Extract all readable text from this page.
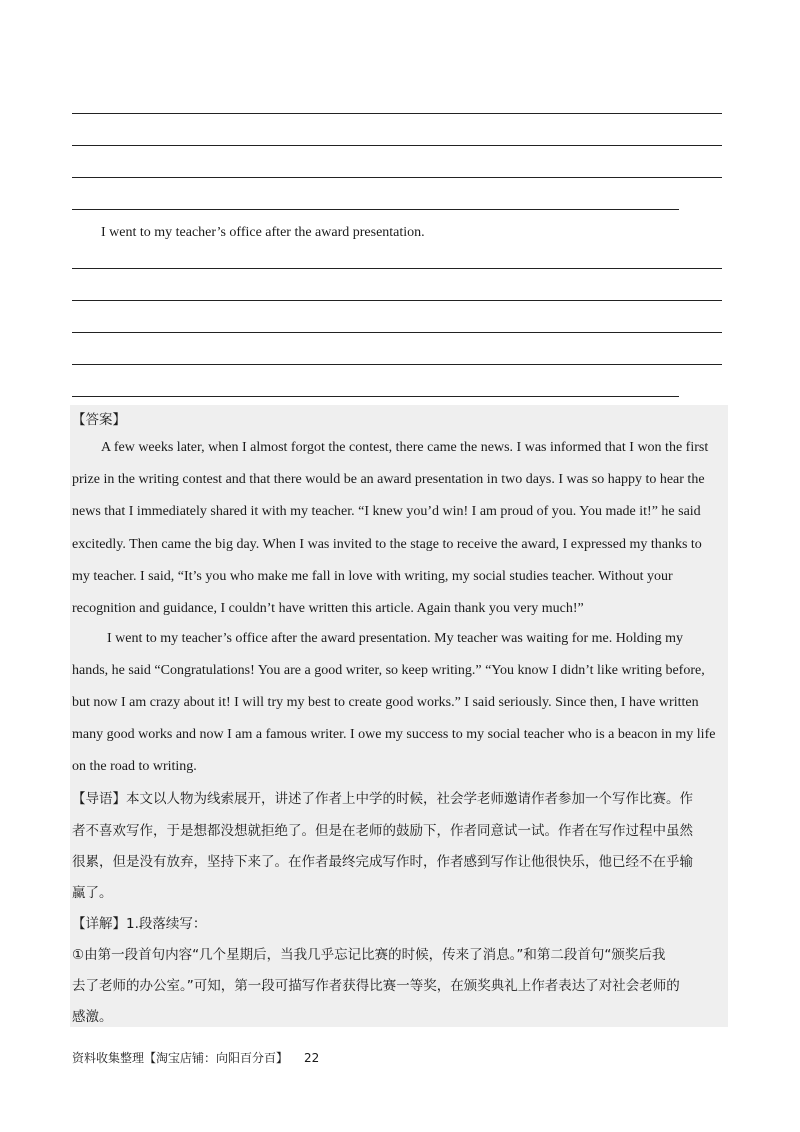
I went to my teacher’s office after the award presentation.
【答案】
A few weeks later, when I almost forgot the contest, there came the news. I was informed that I won the first
prize in the writing contest and that there would be an award presentation in two days. I was so happy to hear the
news that I immediately shared it with my teacher. “I knew you’d win! I am proud of you. You made it!” he said
excitedly. Then came the big day. When I was invited to the stage to receive the award, I expressed my thanks to
my teacher. I said, “It’s you who make me fall in love with writing, my social studies teacher. Without your
recognition and guidance, I couldn’t have written this article. Again thank you very much!”
I went to my teacher’s office after the award presentation. My teacher was waiting for me. Holding my
hands, he said “Congratulations! You are a good writer, so keep writing.” “You know I didn’t like writing before,
but now I am crazy about it! I will try my best to create good works.” I said seriously. Since then, I have written
many good works and now I am a famous writer. I owe my success to my social teacher who is a beacon in my life
on the road to writing.
【导语】本文以人物为线索展开，讲述了作者上中学的时候，社会学老师邀请作者参加一个写作比赛。作
者不喜欢写作，于是想都没想就拒绝了。但是在老师的鼓励下，作者同意试一试。作者在写作过程中虽然
很累，但是没有放弃，坚持下来了。在作者最终完成写作时，作者感到写作让他很快乐，他已经不在乎输
赢了。
【详解】1.段落续写：
①由第一段首句内容“几个星期后，当我几乎忘记比赛的时候，传来了消息。”和第二段首句“颁奖后我
去了老师的办公室。”可知，第一段可描写作者获得比赛一等奖，在颁奖典礼上作者表达了对社会老师的
感激。
资料收集整理【淘宝店铺：向阳百分百】 22
